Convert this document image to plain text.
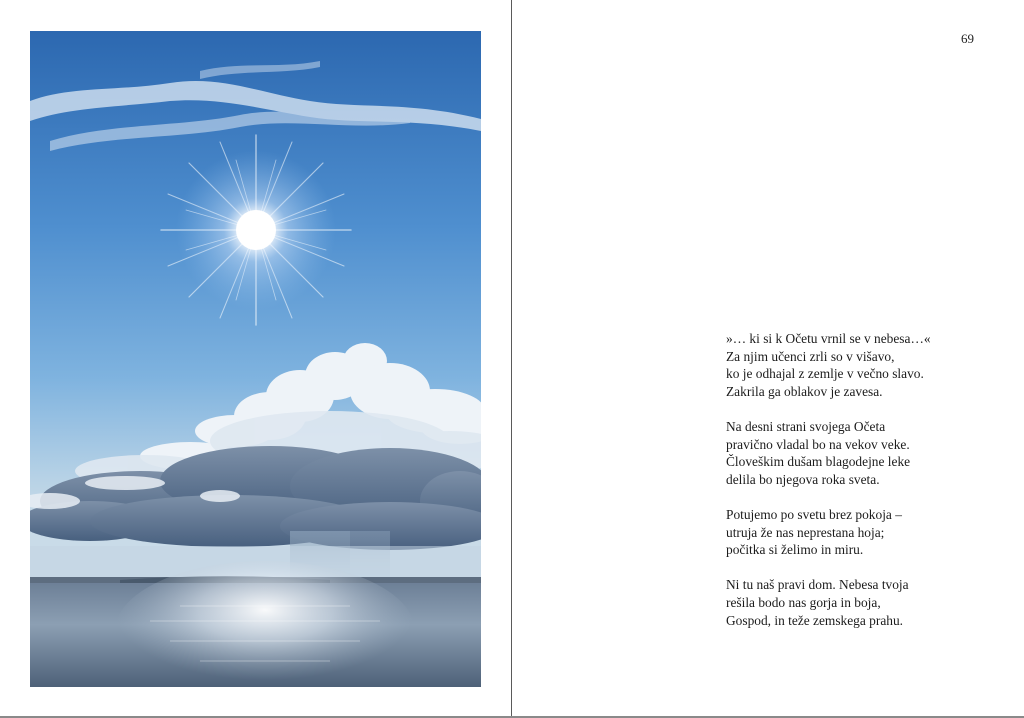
69
»… ki si k Očetu vrnil se v nebesa…«
Za njim učenci zrli so v višavo,
ko je odhajal z zemlje v večno slavo.
Zakrila ga oblakov je zavesa.
Na desni strani svojega Očeta
pravično vladal bo na vekov veke.
Človeškim dušam blagodejne leke
delila bo njegova roka sveta.
Potujemo po svetu brez pokoja –
utruja že nas neprestana hoja;
počitka si želimo in miru.
Ni tu naš pravi dom. Nebesa tvoja
rešila bodo nas gorja in boja,
Gospod, in teže zemskega prahu.
